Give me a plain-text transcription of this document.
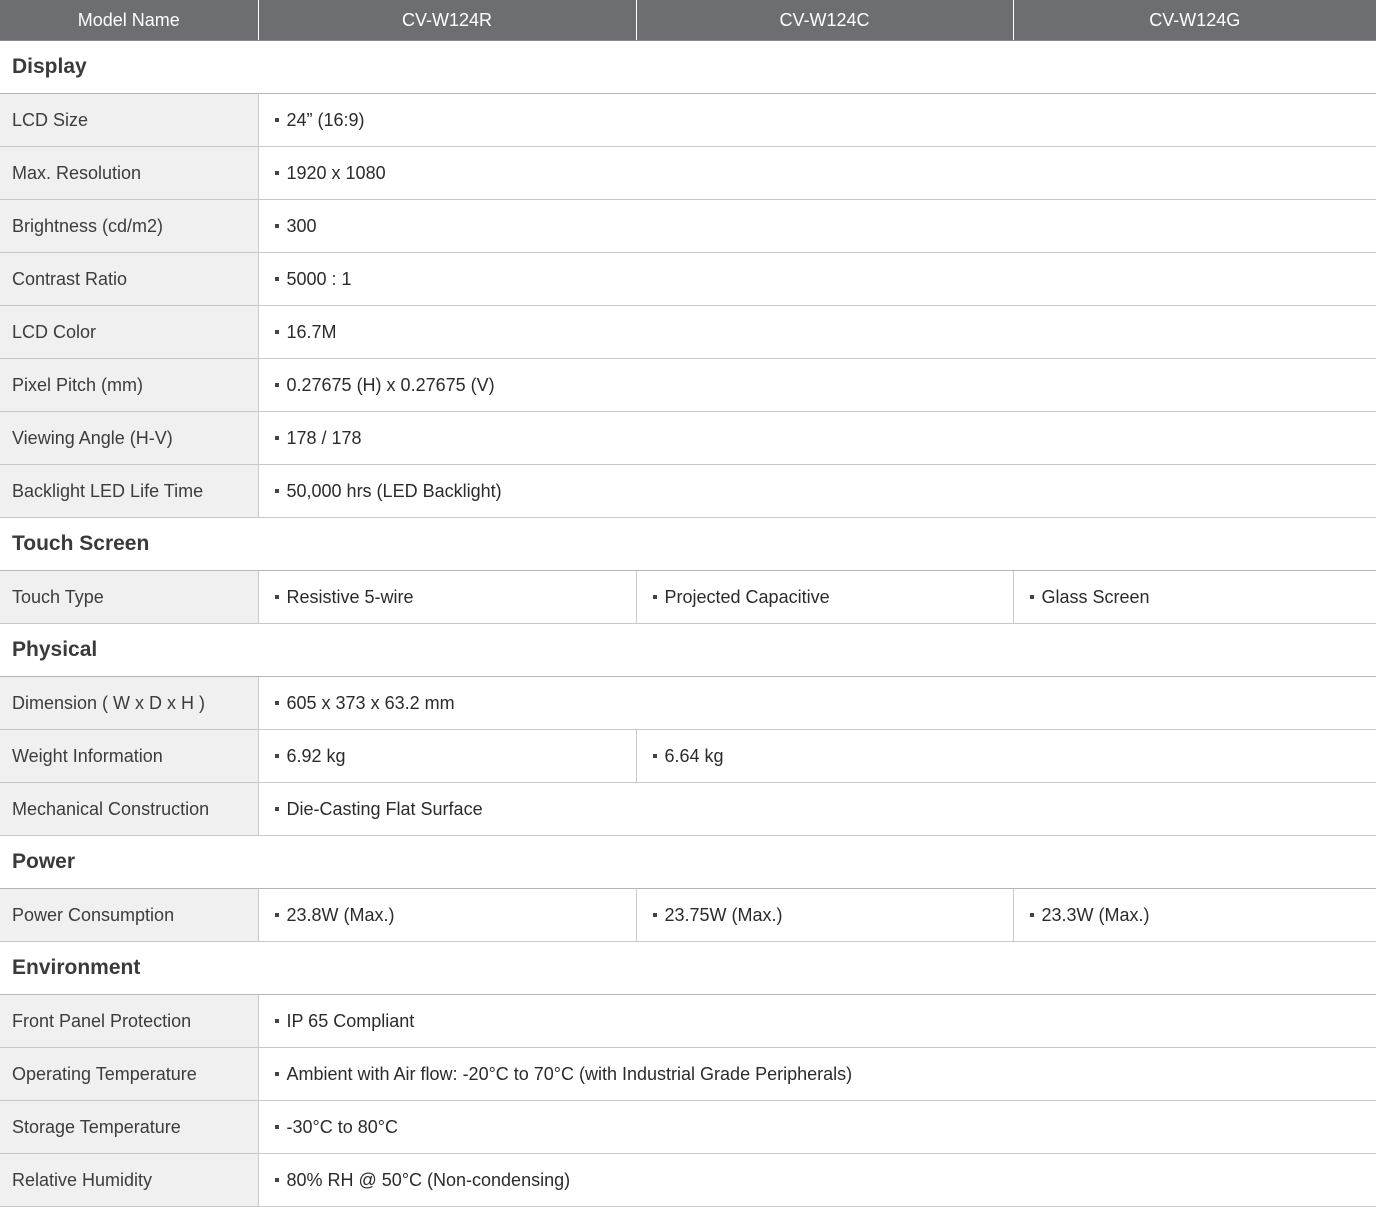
Model Name	CV-W124R	CV-W124C	CV-W124G
Display			
LCD Size	24” (16:9)		
Max. Resolution	1920 x 1080		
Brightness (cd/m2)	300		
Contrast Ratio	5000 : 1		
LCD Color	16.7M		
Pixel Pitch (mm)	0.27675 (H) x 0.27675 (V)		
Viewing Angle (H-V)	178 / 178		
Backlight LED Life Time	50,000 hrs (LED Backlight)		
Touch Screen			
Touch Type	Resistive 5-wire	Projected Capacitive	Glass Screen
Physical			
Dimension ( W x D x H )	605 x 373 x 63.2 mm		
Weight Information	6.92 kg	6.64 kg	
Mechanical Construction	Die-Casting Flat Surface		
Power			
Power Consumption	23.8W (Max.)	23.75W (Max.)	23.3W (Max.)
Environment			
Front Panel Protection	IP 65 Compliant		
Operating Temperature	Ambient with Air flow: -20°C to 70°C (with Industrial Grade Peripherals)		
Storage Temperature	-30°C to 80°C		
Relative Humidity	80% RH @ 50°C (Non-condensing)		
